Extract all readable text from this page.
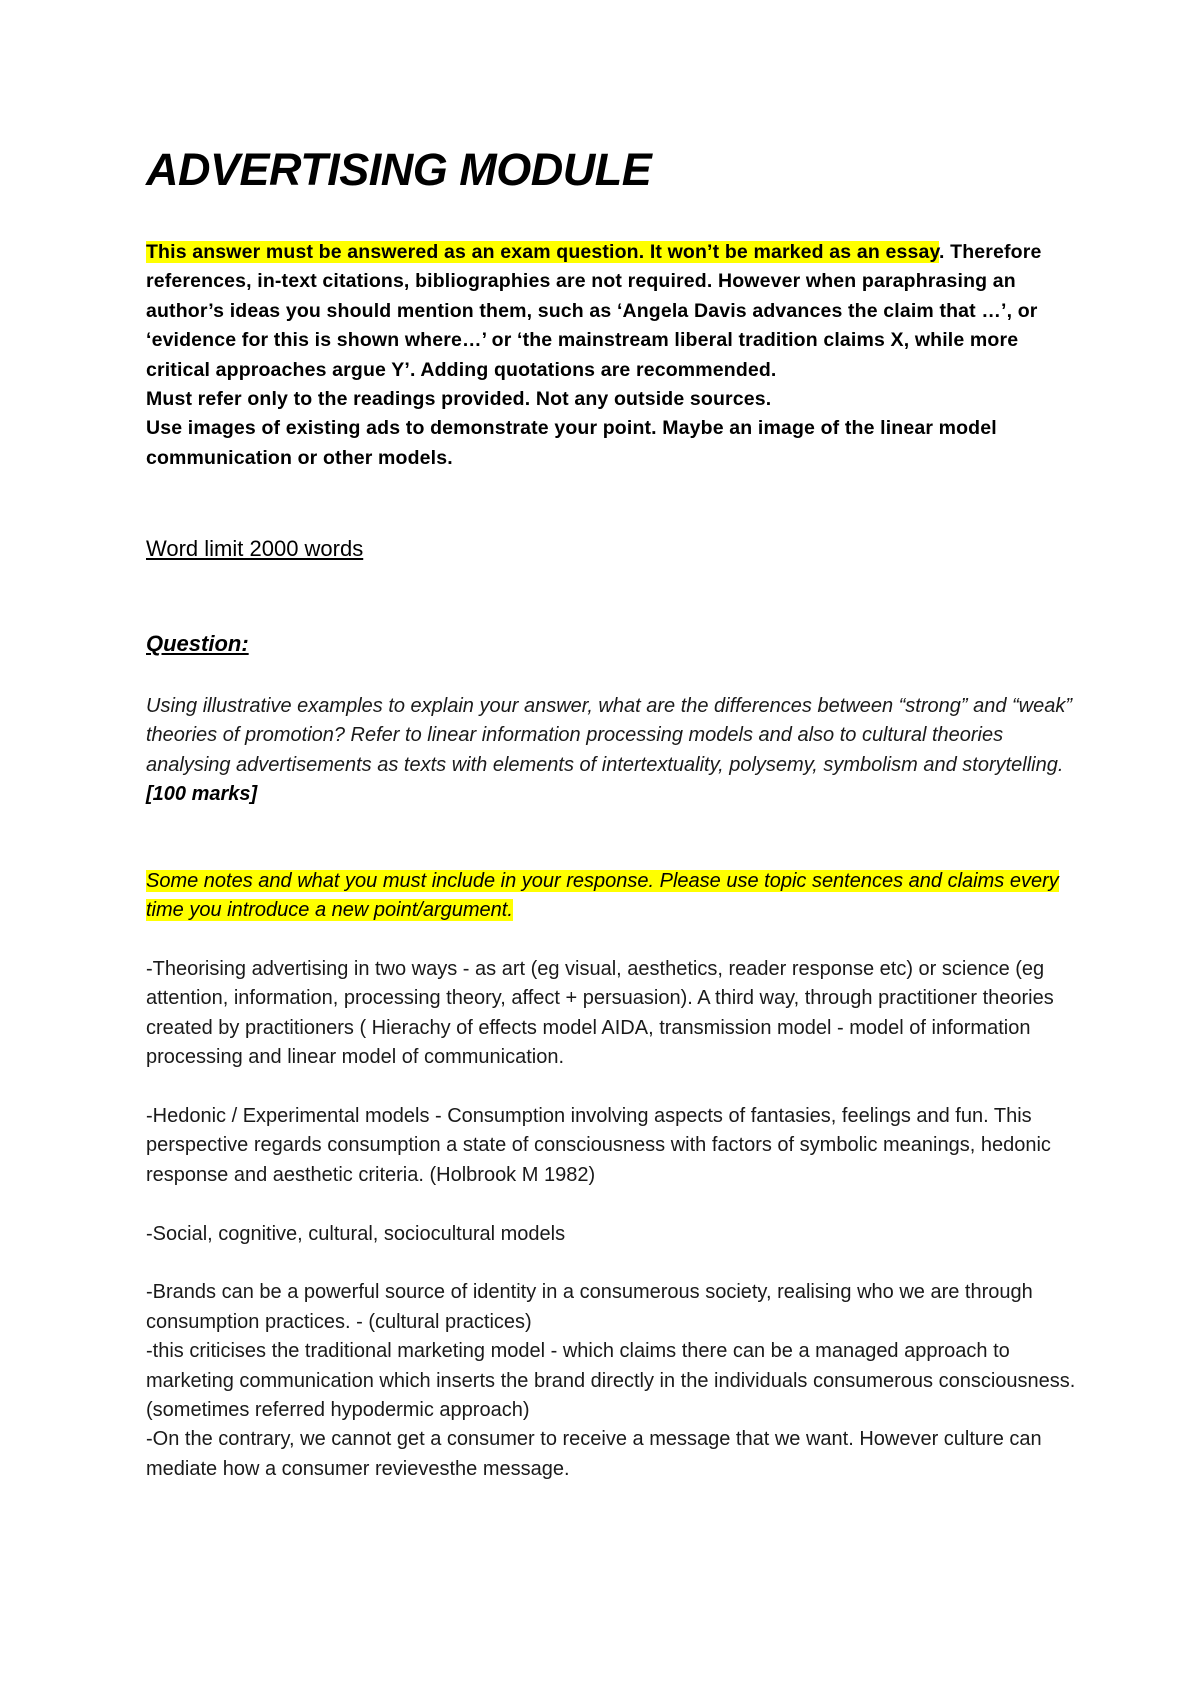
ADVERTISING MODULE

This answer must be answered as an exam question. It won’t be marked as an essay. Therefore references, in-text citations, bibliographies are not required. However when paraphrasing an author’s ideas you should mention them, such as ‘Angela Davis advances the claim that …’, or ‘evidence for this is shown where…’ or ‘the mainstream liberal tradition claims X, while more critical approaches argue Y’. Adding quotations are recommended.

Must refer only to the readings provided. Not any outside sources.

Use images of existing ads to demonstrate your point. Maybe an image of the linear model communication or other models.

Word limit 2000 words

Question:

Using illustrative examples to explain your answer, what are the differences between “strong” and “weak” theories of promotion? Refer to linear information processing models and also to cultural theories analysing advertisements as texts with elements of intertextuality, polysemy, symbolism and storytelling. [100 marks]

Some notes and what you must include in your response. Please use topic sentences and claims every time you introduce a new point/argument.

-Theorising advertising in two ways - as art (eg visual, aesthetics, reader response etc) or science (eg attention, information, processing theory, affect + persuasion). A third way, through practitioner theories created by practitioners ( Hierachy of effects model AIDA, transmission model - model of information processing and linear model of communication.

-Hedonic / Experimental models - Consumption involving aspects of fantasies, feelings and fun. This perspective regards consumption a state of consciousness with factors of symbolic meanings, hedonic response and aesthetic criteria. (Holbrook M 1982)

-Social, cognitive, cultural, sociocultural models

-Brands can be a powerful source of identity in a consumerous society, realising who we are through consumption practices. - (cultural practices)

-this criticises the traditional marketing model - which claims there can be a managed approach to marketing communication which inserts the brand directly in the individuals consumerous consciousness. (sometimes referred hypodermic approach)

-On the contrary, we cannot get a consumer to receive a message that we want. However culture can mediate how a consumer revievesthe message.
